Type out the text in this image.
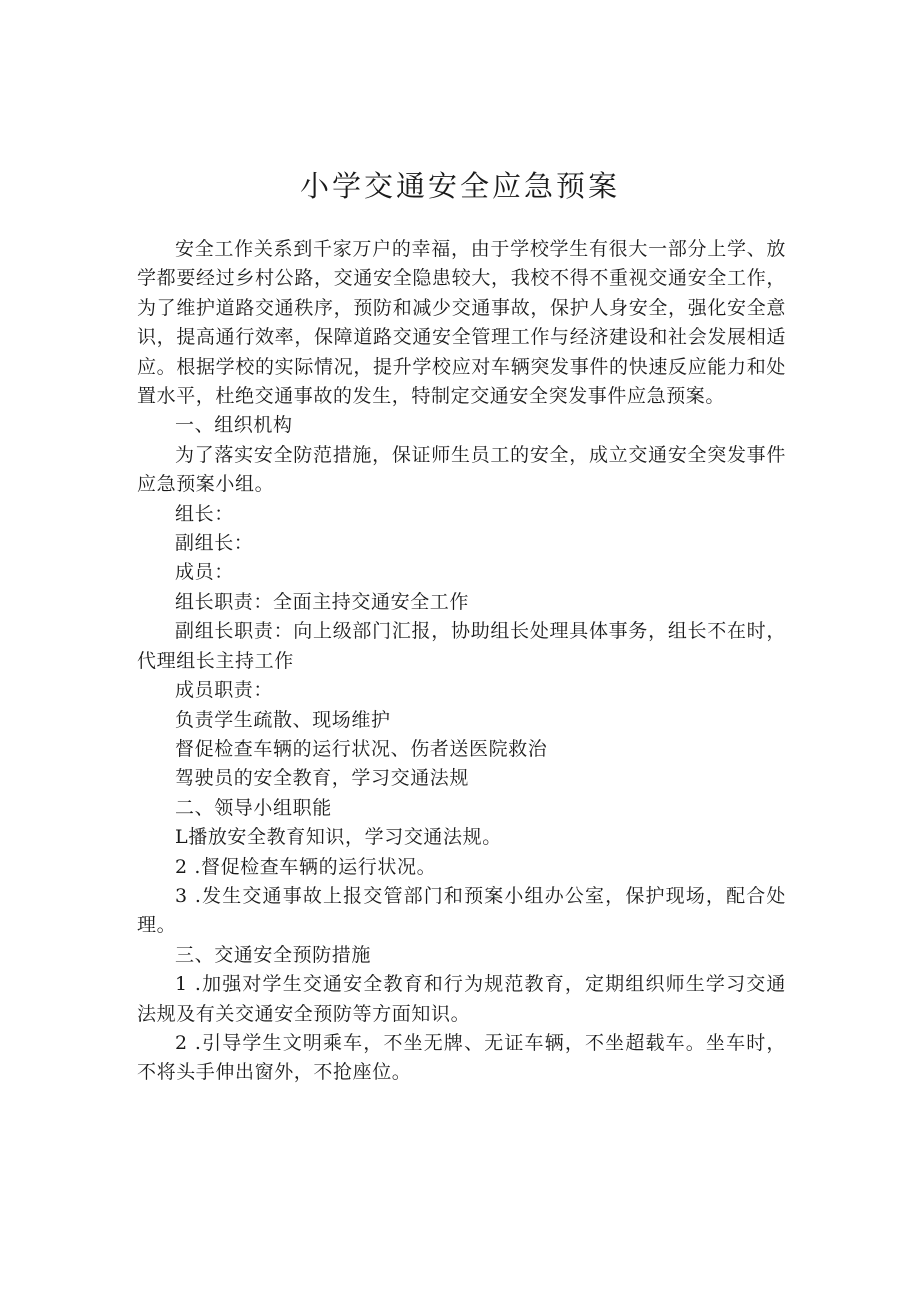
小学交通安全应急预案

安全工作关系到千家万户的幸福，由于学校学生有很大一部分上学、放学都要经过乡村公路，交通安全隐患较大，我校不得不重视交通安全工作，为了维护道路交通秩序，预防和减少交通事故，保护人身安全，强化安全意识，提高通行效率，保障道路交通安全管理工作与经济建设和社会发展相适应。根据学校的实际情况，提升学校应对车辆突发事件的快速反应能力和处置水平，杜绝交通事故的发生，特制定交通安全突发事件应急预案。

一、组织机构

为了落实安全防范措施，保证师生员工的安全，成立交通安全突发事件应急预案小组。

组长：

副组长：

成员：

组长职责：全面主持交通安全工作

副组长职责：向上级部门汇报，协助组长处理具体事务，组长不在时，代理组长主持工作

成员职责：

负责学生疏散、现场维护

督促检查车辆的运行状况、伤者送医院救治

驾驶员的安全教育，学习交通法规

二、领导小组职能

L播放安全教育知识，学习交通法规。

2 .督促检查车辆的运行状况。

3 .发生交通事故上报交管部门和预案小组办公室，保护现场，配合处理。

三、交通安全预防措施

1 .加强对学生交通安全教育和行为规范教育，定期组织师生学习交通法规及有关交通安全预防等方面知识。

2 .引导学生文明乘车，不坐无牌、无证车辆，不坐超载车。坐车时，不将头手伸出窗外，不抢座位。
